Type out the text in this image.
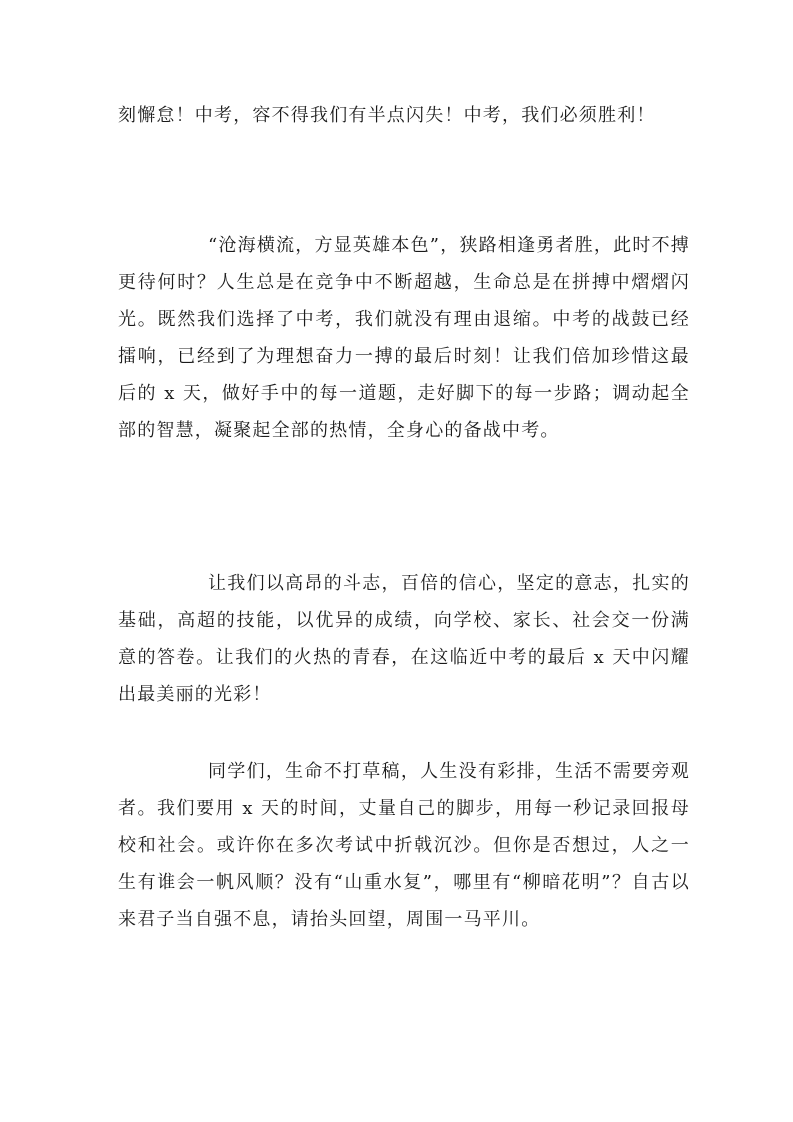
刻懈怠！中考，容不得我们有半点闪失！中考，我们必须胜利！

“沧海横流，方显英雄本色”，狭路相逢勇者胜，此时不搏更待何时？人生总是在竞争中不断超越，生命总是在拼搏中熠熠闪光。既然我们选择了中考，我们就没有理由退缩。中考的战鼓已经擂响，已经到了为理想奋力一搏的最后时刻！让我们倍加珍惜这最后的 x 天，做好手中的每一道题，走好脚下的每一步路；调动起全部的智慧，凝聚起全部的热情，全身心的备战中考。

让我们以高昂的斗志，百倍的信心，坚定的意志，扎实的基础，高超的技能，以优异的成绩，向学校、家长、社会交一份满意的答卷。让我们的火热的青春，在这临近中考的最后 x 天中闪耀出最美丽的光彩！

同学们，生命不打草稿，人生没有彩排，生活不需要旁观者。我们要用 x 天的时间，丈量自己的脚步，用每一秒记录回报母校和社会。或许你在多次考试中折戟沉沙。但你是否想过，人之一生有谁会一帆风顺？没有“山重水复”，哪里有“柳暗花明”？自古以来君子当自强不息，请抬头回望，周围一马平川。
